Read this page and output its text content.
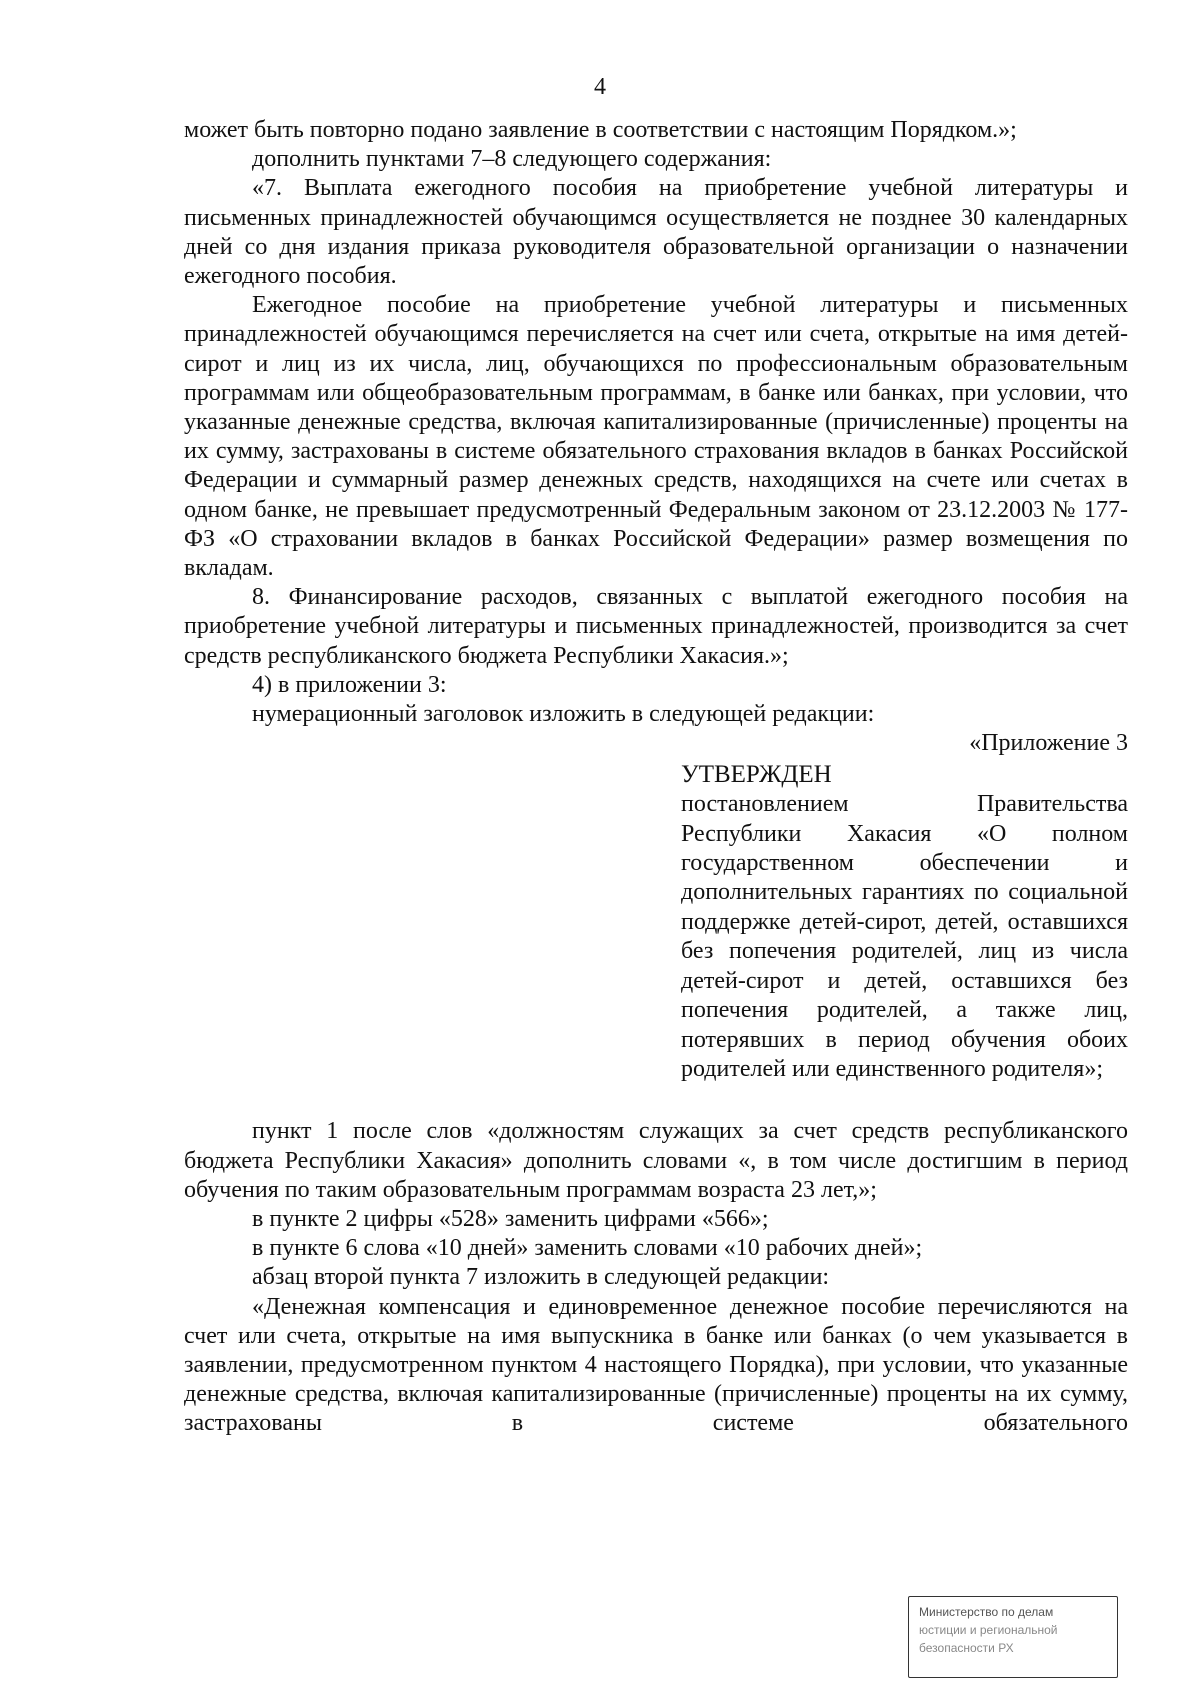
4

может быть повторно подано заявление в соответствии с настоящим Порядком.»;

дополнить пунктами 7–8 следующего содержания:

«7. Выплата ежегодного пособия на приобретение учебной литературы и письменных принадлежностей обучающимся осуществляется не позднее 30 календарных дней со дня издания приказа руководителя образовательной организации о назначении ежегодного пособия.

Ежегодное пособие на приобретение учебной литературы и письменных принадлежностей обучающимся перечисляется на счет или счета, открытые на имя детей-сирот и лиц из их числа, лиц, обучающихся по профессиональным образовательным программам или общеобразовательным программам, в банке или банках, при условии, что указанные денежные средства, включая капитализированные (причисленные) проценты на их сумму, застрахованы в системе обязательного страхования вкладов в банках Российской Федерации и суммарный размер денежных средств, находящихся на счете или счетах в одном банке, не превышает предусмотренный Федеральным законом от 23.12.2003 № 177-ФЗ «О страховании вкладов в банках Российской Федерации» размер возмещения по вкладам.

8. Финансирование расходов, связанных с выплатой ежегодного пособия на приобретение учебной литературы и письменных принадлежностей, производится за счет средств республиканского бюджета Республики Хакасия.»;

4) в приложении 3:

нумерационный заголовок изложить в следующей редакции:

«Приложение 3

УТВЕРЖДЕН

постановлением Правительства Республики Хакасия «О полном государственном обеспечении и дополнительных гарантиях по социальной поддержке детей-сирот, детей, оставшихся без попечения родителей, лиц из числа детей-сирот и детей, оставшихся без попечения родителей, а также лиц, потерявших в период обучения обоих родителей или единственного родителя»;

пункт 1 после слов «должностям служащих за счет средств республиканского бюджета Республики Хакасия» дополнить словами «, в том числе достигшим в период обучения по таким образовательным программам возраста 23 лет,»;

в пункте 2 цифры «528» заменить цифрами «566»;

в пункте 6 слова «10 дней» заменить словами «10 рабочих дней»;

абзац второй пункта 7 изложить в следующей редакции:

«Денежная компенсация и единовременное денежное пособие перечисляются на счет или счета, открытые на имя выпускника в банке или банках (о чем указывается в заявлении, предусмотренном пунктом 4 настоящего Порядка), при условии, что указанные денежные средства, включая капитализированные (причисленные) проценты на их сумму, застрахованы в системе обязательного

Министерство по делам

юстиции и региональной

безопасности РХ
